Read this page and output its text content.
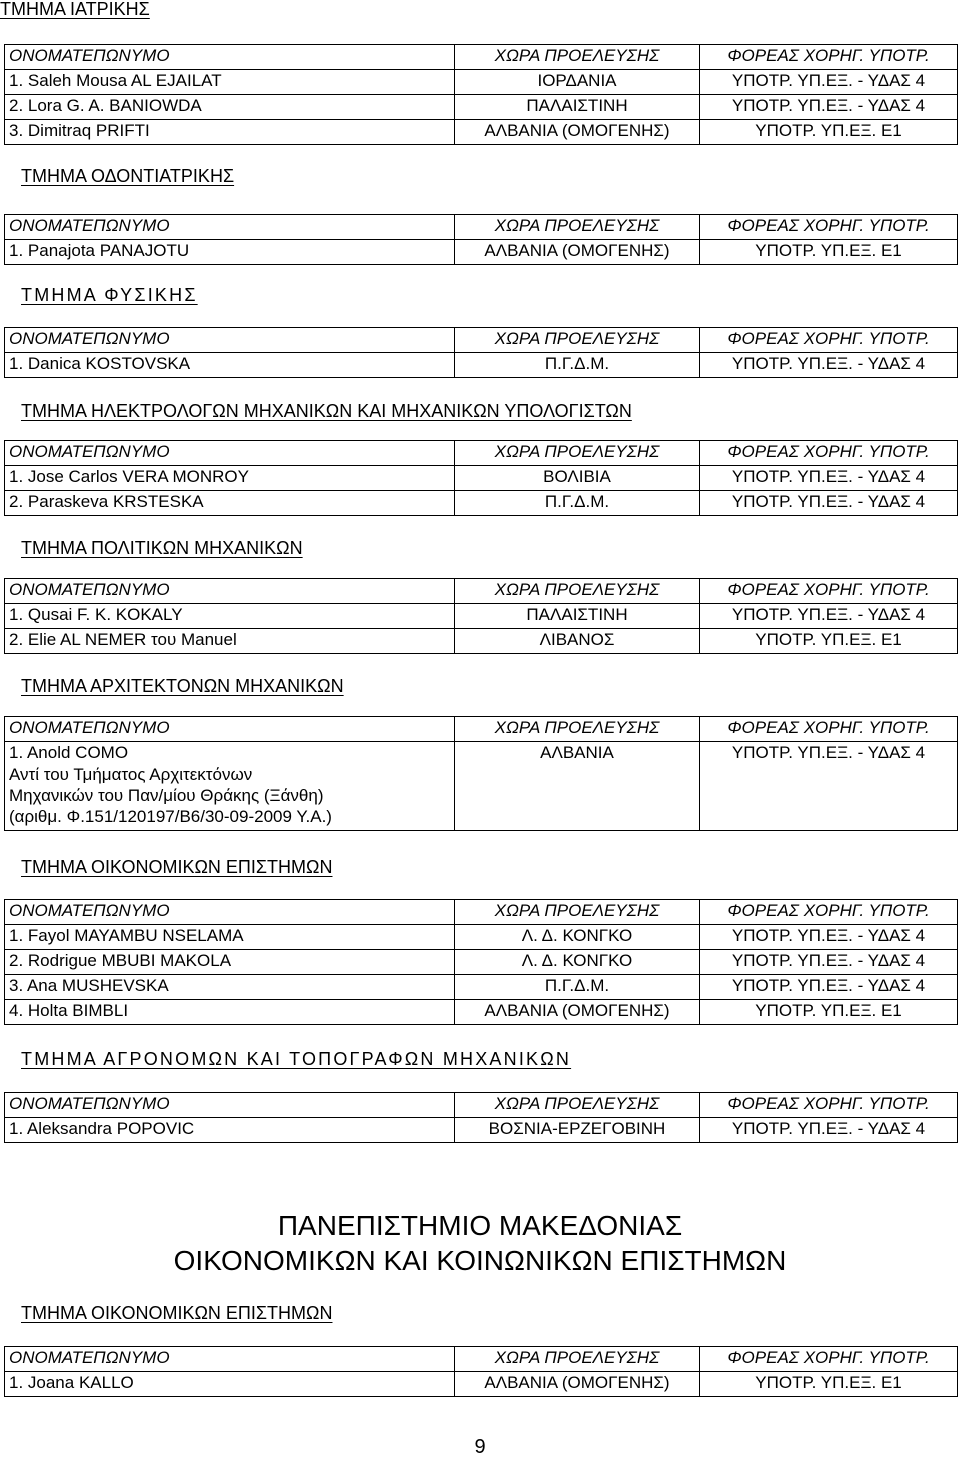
ΤΜΗΜΑ ΙΑΤΡΙΚΗΣ
ΟΝΟΜΑΤΕΠΩΝΥΜΟ	ΧΩΡΑ ΠΡΟΕΛΕΥΣΗΣ	ΦΟΡΕΑΣ ΧΟΡΗΓ. ΥΠΟΤΡ.
1. Saleh Mousa AL EJAILAT	ΙΟΡΔΑΝΙΑ	ΥΠΟΤΡ. ΥΠ.ΕΞ. - ΥΔΑΣ 4
2. Lora G. A. BANIOWDA	ΠΑΛΑΙΣΤΙΝΗ	ΥΠΟΤΡ. ΥΠ.ΕΞ. - ΥΔΑΣ 4
3. Dimitraq PRIFTI	ΑΛΒΑΝΙΑ (ΟΜΟΓΕΝΗΣ)	ΥΠΟΤΡ. ΥΠ.ΕΞ. Ε1
ΤΜΗΜΑ ΟΔΟΝΤΙΑΤΡΙΚΗΣ
ΟΝΟΜΑΤΕΠΩΝΥΜΟ	ΧΩΡΑ ΠΡΟΕΛΕΥΣΗΣ	ΦΟΡΕΑΣ ΧΟΡΗΓ. ΥΠΟΤΡ.
1. Panajota PANAJOTU	ΑΛΒΑΝΙΑ (ΟΜΟΓΕΝΗΣ)	ΥΠΟΤΡ. ΥΠ.ΕΞ. Ε1
ΤΜΗΜΑ ΦΥΣΙΚΗΣ
ΟΝΟΜΑΤΕΠΩΝΥΜΟ	ΧΩΡΑ ΠΡΟΕΛΕΥΣΗΣ	ΦΟΡΕΑΣ ΧΟΡΗΓ. ΥΠΟΤΡ.
1. Danica KOSTOVSKA	Π.Γ.Δ.Μ.	ΥΠΟΤΡ. ΥΠ.ΕΞ. - ΥΔΑΣ 4
ΤΜΗΜΑ ΗΛΕΚΤΡΟΛΟΓΩΝ ΜΗΧΑΝΙΚΩΝ ΚΑΙ ΜΗΧΑΝΙΚΩΝ ΥΠΟΛΟΓΙΣΤΩΝ
ΟΝΟΜΑΤΕΠΩΝΥΜΟ	ΧΩΡΑ ΠΡΟΕΛΕΥΣΗΣ	ΦΟΡΕΑΣ ΧΟΡΗΓ. ΥΠΟΤΡ.
1. Jose Carlos VERA MONROY	ΒΟΛΙΒΙΑ	ΥΠΟΤΡ. ΥΠ.ΕΞ. - ΥΔΑΣ 4
2. Paraskeva KRSTESKA	Π.Γ.Δ.Μ.	ΥΠΟΤΡ. ΥΠ.ΕΞ. - ΥΔΑΣ 4
ΤΜΗΜΑ ΠΟΛΙΤΙΚΩΝ ΜΗΧΑΝΙΚΩΝ
ΟΝΟΜΑΤΕΠΩΝΥΜΟ	ΧΩΡΑ ΠΡΟΕΛΕΥΣΗΣ	ΦΟΡΕΑΣ ΧΟΡΗΓ. ΥΠΟΤΡ.
1. Qusai F. K. KOKALY	ΠΑΛΑΙΣΤΙΝΗ	ΥΠΟΤΡ. ΥΠ.ΕΞ. - ΥΔΑΣ 4
2. Elie AL NEMER του Manuel	ΛΙΒΑΝΟΣ	ΥΠΟΤΡ. ΥΠ.ΕΞ. Ε1
ΤΜΗΜΑ ΑΡΧΙΤΕΚΤΟΝΩΝ ΜΗΧΑΝΙΚΩΝ
ΟΝΟΜΑΤΕΠΩΝΥΜΟ	ΧΩΡΑ ΠΡΟΕΛΕΥΣΗΣ	ΦΟΡΕΑΣ ΧΟΡΗΓ. ΥΠΟΤΡ.

1. Anold COMO
Αντί του Τμήματος Αρχιτεκτόνων
Μηχανικών του Παν/μίου Θράκης (Ξάνθη)
(αριθμ. Φ.151/120197/Β6/30-09-2009 Υ.Α.)	ΑΛΒΑΝΙΑ	ΥΠΟΤΡ. ΥΠ.ΕΞ. - ΥΔΑΣ 4
ΤΜΗΜΑ ΟΙΚΟΝΟΜΙΚΩΝ ΕΠΙΣΤΗΜΩΝ
ΟΝΟΜΑΤΕΠΩΝΥΜΟ	ΧΩΡΑ ΠΡΟΕΛΕΥΣΗΣ	ΦΟΡΕΑΣ ΧΟΡΗΓ. ΥΠΟΤΡ.
1. Fayol MAYAMBU NSELAMA	Λ. Δ. ΚΟΝΓΚΟ	ΥΠΟΤΡ. ΥΠ.ΕΞ. - ΥΔΑΣ 4
2. Rodrigue MBUBI MAKOLA	Λ. Δ. ΚΟΝΓΚΟ	ΥΠΟΤΡ. ΥΠ.ΕΞ. - ΥΔΑΣ 4
3. Ana MUSHEVSKA	Π.Γ.Δ.Μ.	ΥΠΟΤΡ. ΥΠ.ΕΞ. - ΥΔΑΣ 4
4. Holta BIMBLI	ΑΛΒΑΝΙΑ (ΟΜΟΓΕΝΗΣ)	ΥΠΟΤΡ. ΥΠ.ΕΞ. Ε1
ΤΜΗΜΑ ΑΓΡΟΝΟΜΩΝ ΚΑΙ ΤΟΠΟΓΡΑΦΩΝ ΜΗΧΑΝΙΚΩΝ
ΟΝΟΜΑΤΕΠΩΝΥΜΟ	ΧΩΡΑ ΠΡΟΕΛΕΥΣΗΣ	ΦΟΡΕΑΣ ΧΟΡΗΓ. ΥΠΟΤΡ.
1. Aleksandra POPOVIC	ΒΟΣΝΙΑ-ΕΡΖΕΓΟΒΙΝΗ	ΥΠΟΤΡ. ΥΠ.ΕΞ. - ΥΔΑΣ 4
ΠΑΝΕΠΙΣΤΗΜΙΟ ΜΑΚΕΔΟΝΙΑΣ
ΟΙΚΟΝΟΜΙΚΩΝ ΚΑΙ ΚΟΙΝΩΝΙΚΩΝ ΕΠΙΣΤΗΜΩΝ
ΤΜΗΜΑ ΟΙΚΟΝΟΜΙΚΩΝ ΕΠΙΣΤΗΜΩΝ
ΟΝΟΜΑΤΕΠΩΝΥΜΟ	ΧΩΡΑ ΠΡΟΕΛΕΥΣΗΣ	ΦΟΡΕΑΣ ΧΟΡΗΓ. ΥΠΟΤΡ.
1. Joana KALLO	ΑΛΒΑΝΙΑ (ΟΜΟΓΕΝΗΣ)	ΥΠΟΤΡ. ΥΠ.ΕΞ. Ε1
9
